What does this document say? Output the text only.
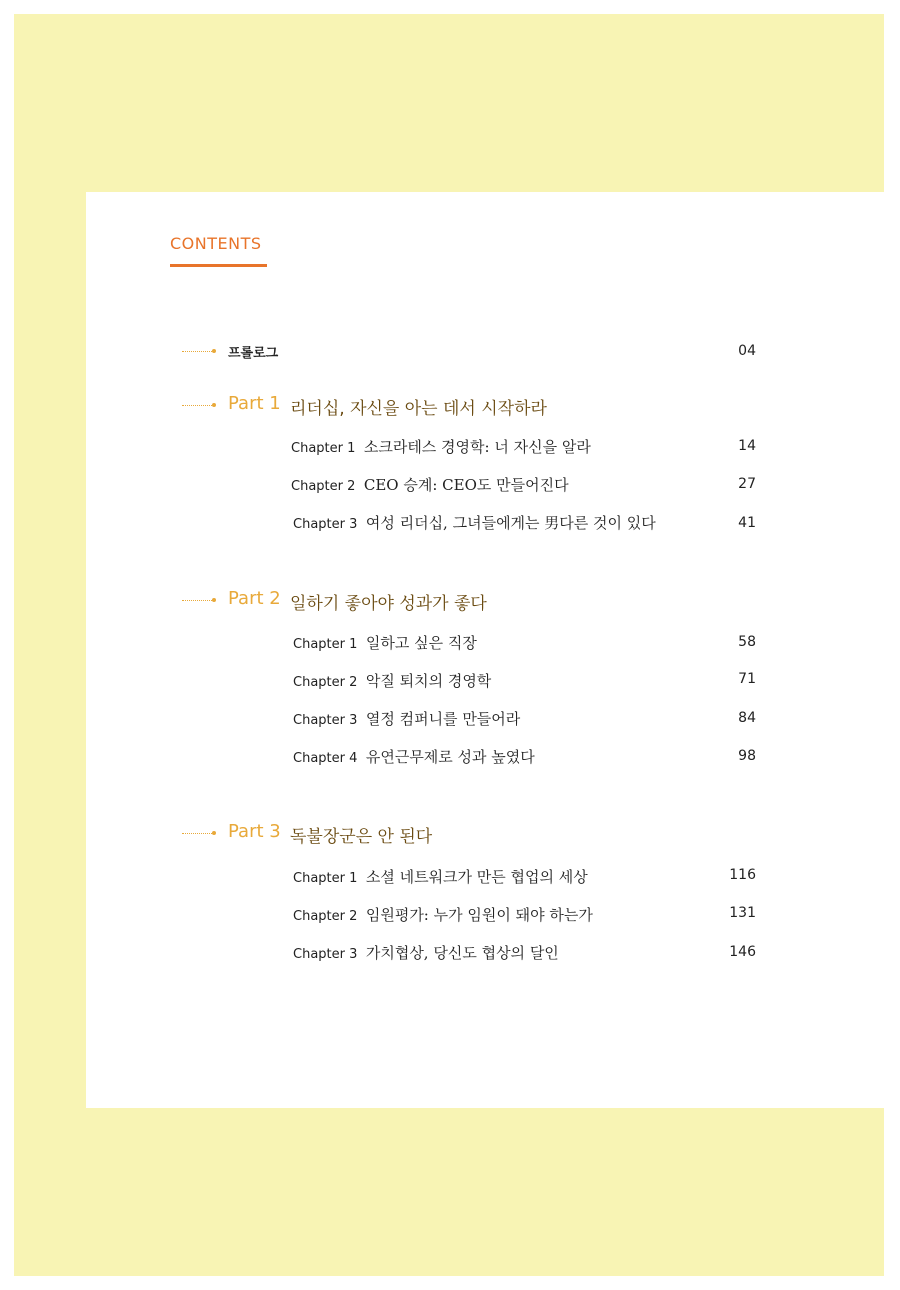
CONTENTS
프롤로그	04
Part 1 리더십, 자신을 아는 데서 시작하라
Chapter 1 소크라테스 경영학: 너 자신을 알라	14
Chapter 2 CEO 승계: CEO도 만들어진다	27
Chapter 3 여성 리더십, 그녀들에게는 男다른 것이 있다	41
Part 2 일하기 좋아야 성과가 좋다
Chapter 1 일하고 싶은 직장	58
Chapter 2 악질 퇴치의 경영학	71
Chapter 3 열정 컴퍼니를 만들어라	84
Chapter 4 유연근무제로 성과 높였다	98
Part 3 독불장군은 안 된다
Chapter 1 소셜 네트워크가 만든 협업의 세상	116
Chapter 2 임원평가: 누가 임원이 돼야 하는가	131
Chapter 3 가치협상, 당신도 협상의 달인	146
